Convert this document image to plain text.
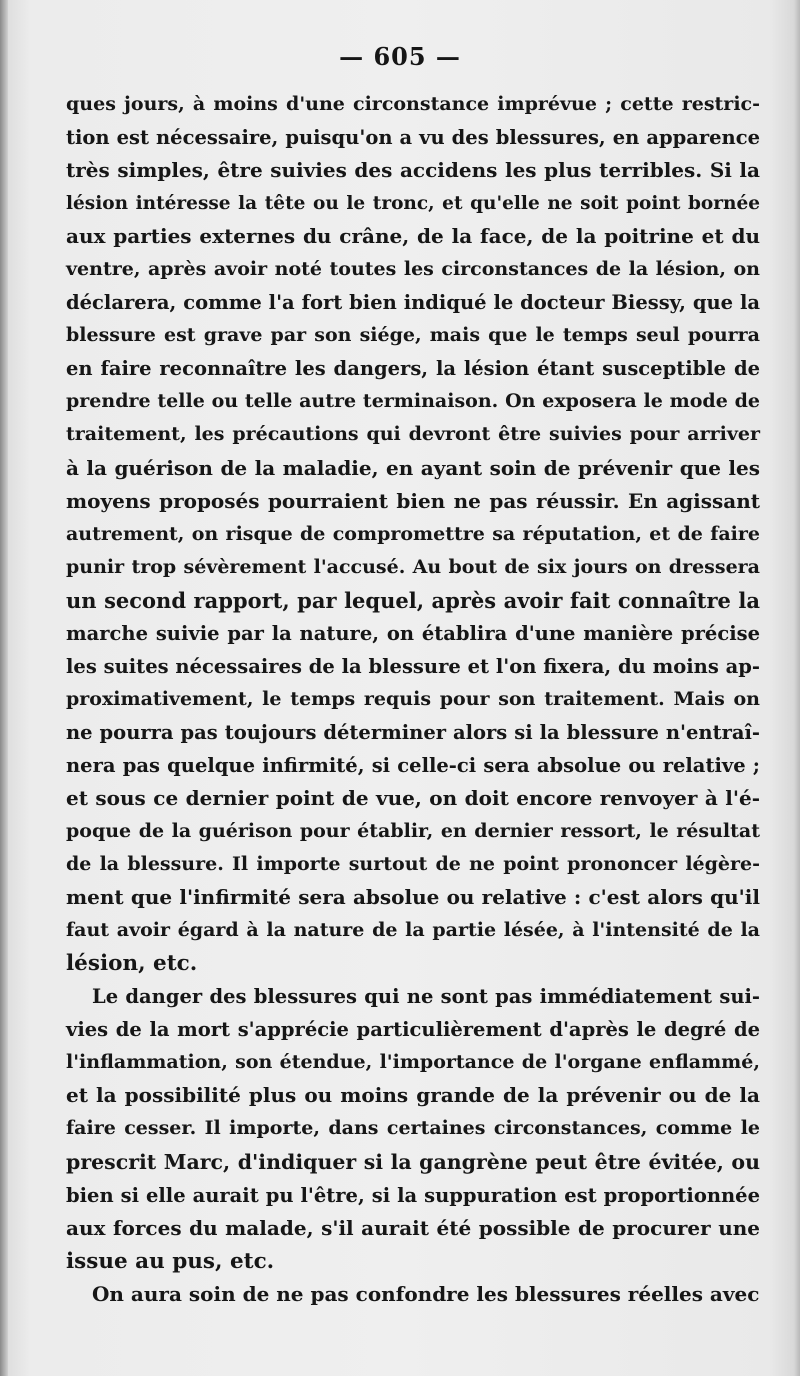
— 605 —
ques jours, à moins d'une circonstance imprévue ; cette restric-
tion est nécessaire, puisqu'on a vu des blessures, en apparence
très simples, être suivies des accidens les plus terribles. Si la
lésion intéresse la tête ou le tronc, et qu'elle ne soit point bornée
aux parties externes du crâne, de la face, de la poitrine et du
ventre, après avoir noté toutes les circonstances de la lésion, on
déclarera, comme l'a fort bien indiqué le docteur Biessy, que la
blessure est grave par son siége, mais que le temps seul pourra
en faire reconnaître les dangers, la lésion étant susceptible de
prendre telle ou telle autre terminaison. On exposera le mode de
traitement, les précautions qui devront être suivies pour arriver
à la guérison de la maladie, en ayant soin de prévenir que les
moyens proposés pourraient bien ne pas réussir. En agissant
autrement, on risque de compromettre sa réputation, et de faire
punir trop sévèrement l'accusé. Au bout de six jours on dressera
un second rapport, par lequel, après avoir fait connaître la
marche suivie par la nature, on établira d'une manière précise
les suites nécessaires de la blessure et l'on fixera, du moins ap-
proximativement, le temps requis pour son traitement. Mais on
ne pourra pas toujours déterminer alors si la blessure n'entraî-
nera pas quelque infirmité, si celle-ci sera absolue ou relative ;
et sous ce dernier point de vue, on doit encore renvoyer à l'é-
poque de la guérison pour établir, en dernier ressort, le résultat
de la blessure. Il importe surtout de ne point prononcer légère-
ment que l'infirmité sera absolue ou relative : c'est alors qu'il
faut avoir égard à la nature de la partie lésée, à l'intensité de la
lésion, etc.
Le danger des blessures qui ne sont pas immédiatement sui-
vies de la mort s'apprécie particulièrement d'après le degré de
l'inflammation, son étendue, l'importance de l'organe enflammé,
et la possibilité plus ou moins grande de la prévenir ou de la
faire cesser. Il importe, dans certaines circonstances, comme le
prescrit Marc, d'indiquer si la gangrène peut être évitée, ou
bien si elle aurait pu l'être, si la suppuration est proportionnée
aux forces du malade, s'il aurait été possible de procurer une
issue au pus, etc.
On aura soin de ne pas confondre les blessures réelles avec
